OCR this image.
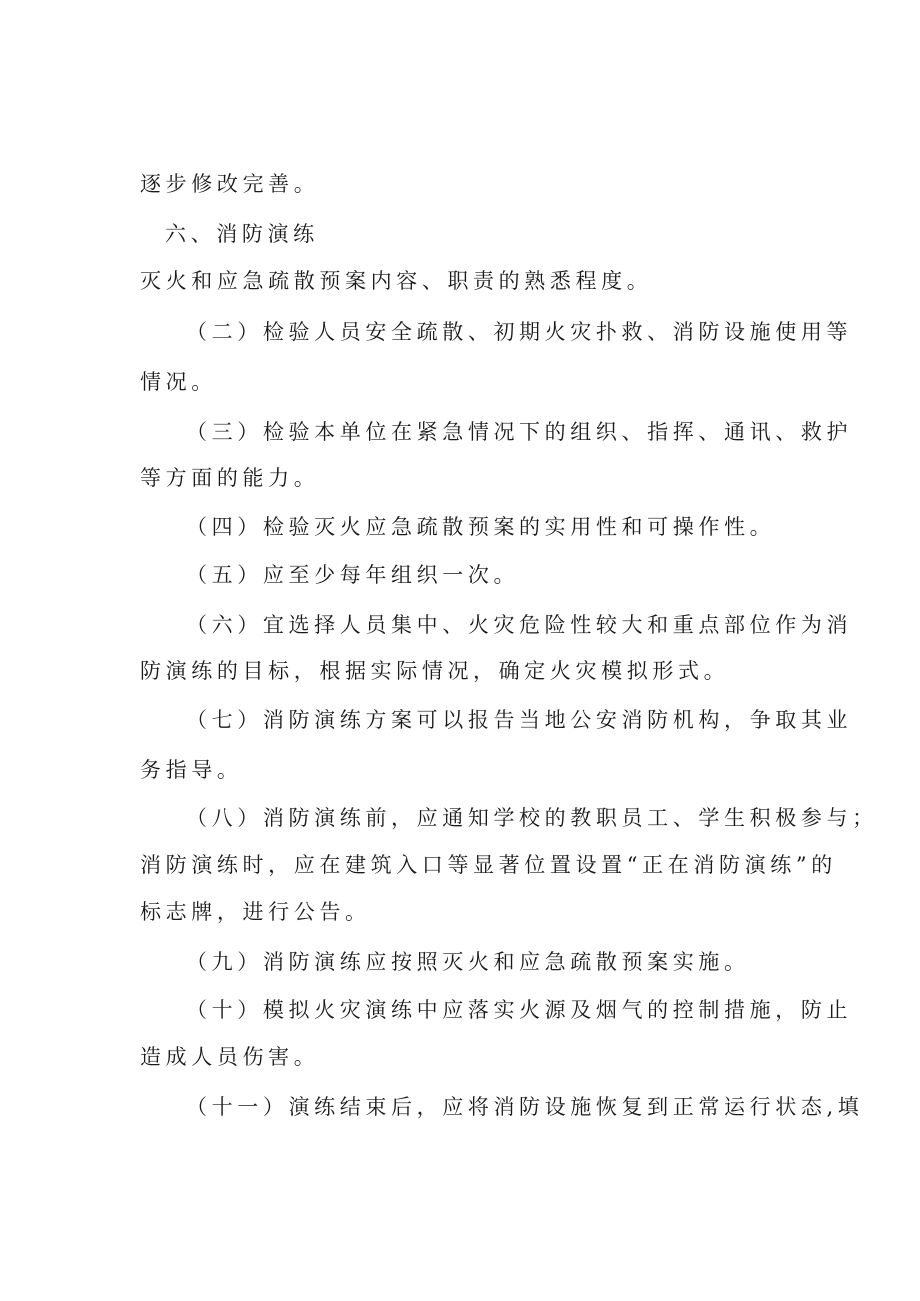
逐步修改完善。
六、消防演练
灭火和应急疏散预案内容、职责的熟悉程度。
（二）检验人员安全疏散、初期火灾扑救、消防设施使用等
情况。
（三）检验本单位在紧急情况下的组织、指挥、通讯、救护
等方面的能力。
（四）检验灭火应急疏散预案的实用性和可操作性。
（五）应至少每年组织一次。
（六）宜选择人员集中、火灾危险性较大和重点部位作为消
防演练的目标，根据实际情况，确定火灾模拟形式。
（七）消防演练方案可以报告当地公安消防机构，争取其业
务指导。
（八）消防演练前，应通知学校的教职员工、学生积极参与；
消防演练时，应在建筑入口等显著位置设置“正在消防演练”的
标志牌，进行公告。
（九）消防演练应按照灭火和应急疏散预案实施。
（十）模拟火灾演练中应落实火源及烟气的控制措施，防止
造成人员伤害。
（十一）演练结束后，应将消防设施恢复到正常运行状态,填
